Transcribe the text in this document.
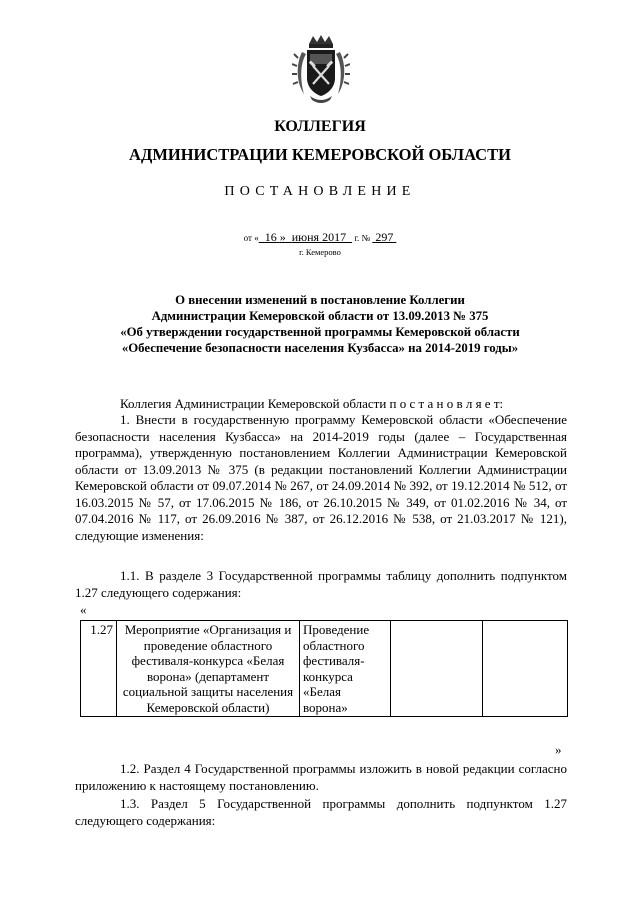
КОЛЛЕГИЯ
АДМИНИСТРАЦИИ КЕМЕРОВСКОЙ ОБЛАСТИ
ПОСТАНОВЛЕНИЕ
от « 16 » июня 2017 г. № 297
г. Кемерово
О внесении изменений в постановление Коллегии
Администрации Кемеровской области от 13.09.2013 № 375
«Об утверждении государственной программы Кемеровской области
«Обеспечение безопасности населения Кузбасса» на 2014-2019 годы»
Коллегия Администрации Кемеровской области п о с т а н о в л я е т:
1. Внести в государственную программу Кемеровской области «Обеспечение безопасности населения Кузбасса» на 2014-2019 годы (далее – Государственная программа), утвержденную постановлением Коллегии Администрации Кемеровской области от 13.09.2013 № 375 (в редакции постановлений Коллегии Администрации Кемеровской области от 09.07.2014 № 267, от 24.09.2014 № 392, от 19.12.2014 № 512, от 16.03.2015 № 57, от 17.06.2015 № 186, от 26.10.2015 № 349, от 01.02.2016 № 34, от 07.04.2016 № 117, от 26.09.2016 № 387, от 26.12.2016 № 538, от 21.03.2017 № 121), следующие изменения:
1.1. В разделе 3 Государственной программы таблицу дополнить подпунктом 1.27 следующего содержания:
«
1.27	Мероприятие «Организация и проведение областного фестиваля-конкурса «Белая ворона» (департамент социальной защиты населения Кемеровской области)	Проведение областного фестиваля-конкурса «Белая ворона»		
»
1.2. Раздел 4 Государственной программы изложить в новой редакции согласно приложению к настоящему постановлению.
1.3. Раздел 5 Государственной программы дополнить подпунктом 1.27 следующего содержания:
